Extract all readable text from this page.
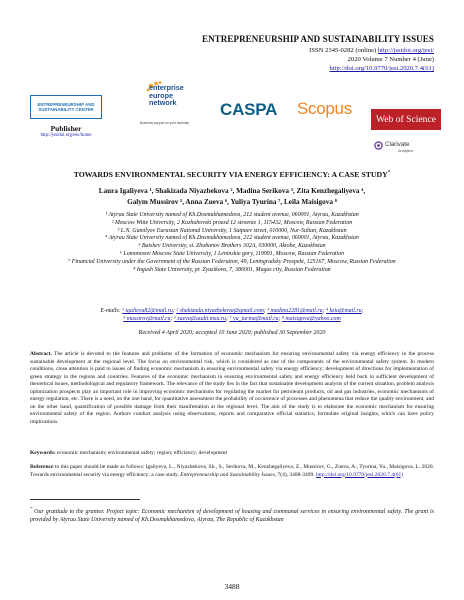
ENTREPRENEURSHIP AND SUSTAINABILITY ISSUES
ISSN 2345-0282 (online) http://jssidoi.org/jesi/
2020 Volume 7 Number 4 (June)
http://doi.org/10.9770/jesi.2020.7.4(61)
ENTREPRENEURSHIP AND
SUSTAINABILITY CENTER
Publisher
http://jssidoi.org/esc/home
enterprise
europe
network
Business support on your doorstep
CASPA Scopus
Web of Science
Clarivate
Analytics
TOWARDS ENVIRONMENTAL SECURITY VIA ENERGY EFFICIENCY: A CASE STUDY*
Laura Igaliyeva ¹, Shakizada Niyazbekova ², Madina Serikova ³, Zita Kenzhegaliyeva ⁴,
Galym Mussirov ⁵, Anna Zueva ⁶, Yuliya Tyurina ⁷, Leila Maisigova ⁸
¹ Atyrau State University named of Kh.Dosmukhamedova, 212 student avenue, 060001, Atyrau, Kazakhstan
² Moscow Witte University, 2 Kozhuhovski proezd 12 stroenie 1, 115432, Moscow, Russian Federation
³ L.N. Gumilyov Eurasian National University, 1 Satpaev street, 010000, Nur-Sultan, Kazakhstan
⁴ Atyrau State University named of Kh.Dosmukhamedova, 212 student avenue, 060001, Atyrau, Kazakhstan
⁵ Baishev University, st. Zhubanov Brothers 302A, 030000, Aktobe, Kazakhstan
⁶ Lomonosov Moscow State University, 1 Leninskie gory, 119991, Moscow, Russian Federation
⁷ Financial University under the Government of the Russian Federation, 49, Leningradsky Prospekt, 125167, Moscow, Russian Federation
⁸ Ingush State University, pr. Zyazikova, 7, 386001, Magas city, Russian Federation
E-mails: ¹ igalieva82@mail.ru; ² shakizada.niyazbekova@gmail.com; ³ madina2281@mail.ru; ⁴ kziu@mail.ru;
⁵ mussirov@mail.ru; ⁶ zueva@audit.msu.ru; ⁷ yu_turina@mail.ru; ⁸ maisigova@yahoo.com
Received 4 April 2020; accepted 10 June 2020; published 30 September 2020
Abstract. The article is devoted to the features and problems of the formation of economic mechanism for ensuring environmental safety via energy efficiency in the process sustainable development at the regional level. The focus on environmental risk, which is considered as one of the components of the environmental safety system. In modern conditions, close attention is paid to issues of finding economic mechanism in ensuring environmental safety via energy efficiency; development of directions for implementation of green strategy in the regions and countries. Features of the economic mechanism in ensuring environmental safety and energy efficiency held back in sufficient development of theoretical issues, methodological and regulatory framework. The relevance of the study lies in the fact that sustainable development analysis of the current situation, problem analysis optimization prospects play an important role in improving economic mechanisms for regulating the market for petroleum products, oil and gas industries, economic mechanisms of energy regulation, etc. There is a need, on the one hand, for quantitative assessment the probability of occurrence of processes and phenomena that reduce the quality environment, and on the other hand, quantification of possible damage from their manifestation at the regional level. The aim of the study is to elaborate the economic mechanism for ensuring environmental safety of the region. Authors conduct analysis using observations, reports and comparative official statistics; formulate original insights, which can have policy implications.
Keywords: economic mechanism; environmental safety; region; efficiency; development
Reference to this paper should be made as follows: Igaliyeva, L., Niyazbekova, Sh., S., Serikova, M., Kenzhegaliyeva, Z., Mussirov, G., Zueva, A., Tyurina, Yu., Maisigova, L. 2020. Towards environmental security via energy efficiency: a case study. Entrepreneurship and Sustainability Issues, 7(4), 3488-3499. http://doi.org/10.9770/jesi.2020.7.4(61)
* Our gratitude to the grantor. Project topic: Economic mechanism of development of housing and communal services in ensuring environmental safety. The grant is provided by Atyrau State University named of Kh.Dosmukhamedova, Atyrau, The Republic of Kazakhstan
3488
